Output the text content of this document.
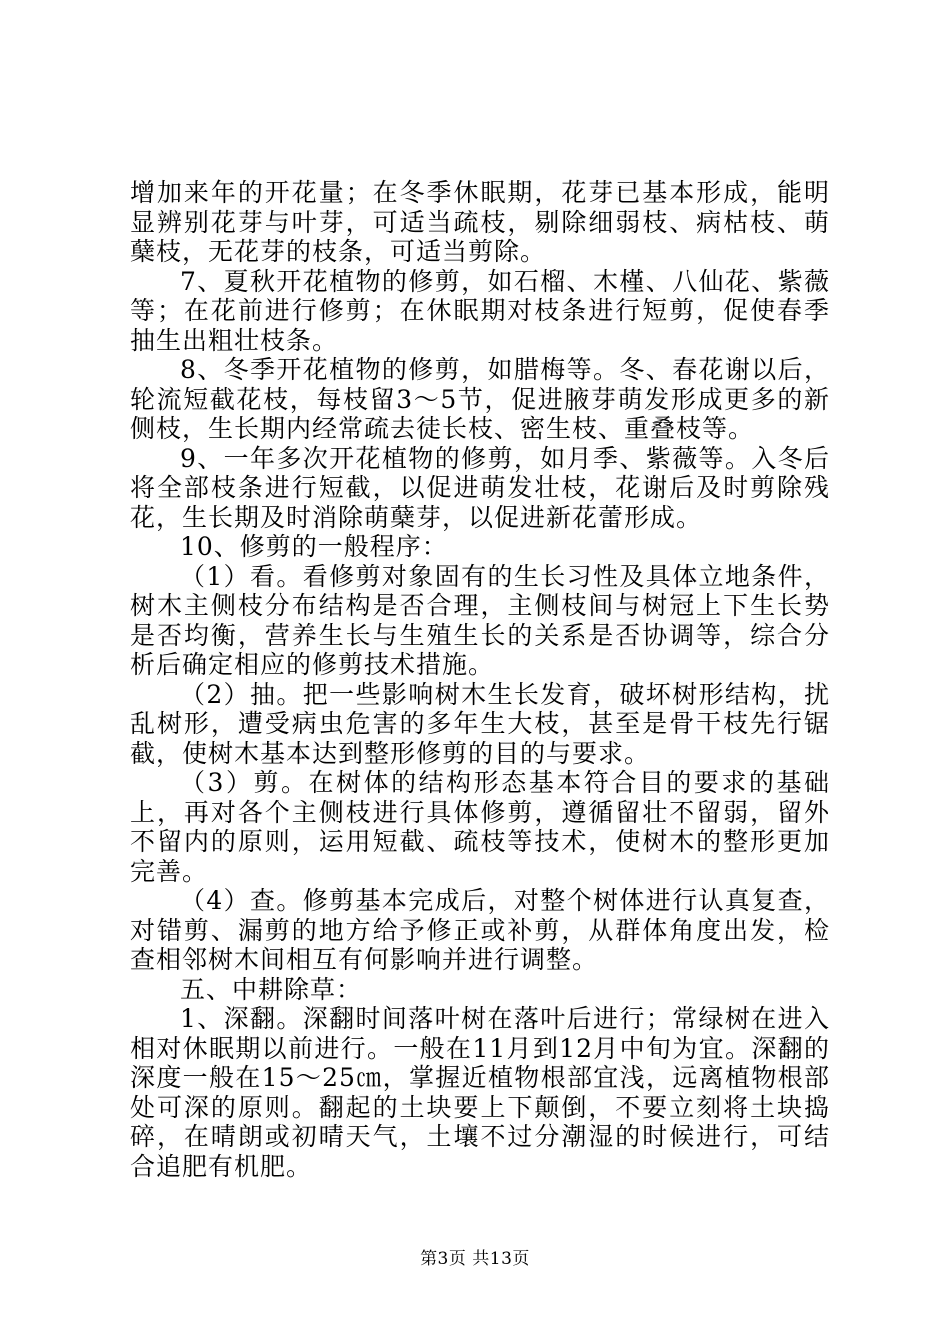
增加来年的开花量；在冬季休眠期，花芽已基本形成，能明显辨别花芽与叶芽，可适当疏枝，剔除细弱枝、病枯枝、萌蘖枝，无花芽的枝条，可适当剪除。

7、夏秋开花植物的修剪，如石榴、木槿、八仙花、紫薇等；在花前进行修剪；在休眠期对枝条进行短剪，促使春季抽生出粗壮枝条。

8、冬季开花植物的修剪，如腊梅等。冬、春花谢以后，轮流短截花枝，每枝留3～5节，促进腋芽萌发形成更多的新侧枝，生长期内经常疏去徒长枝、密生枝、重叠枝等。

9、一年多次开花植物的修剪，如月季、紫薇等。入冬后将全部枝条进行短截，以促进萌发壮枝，花谢后及时剪除残花，生长期及时消除萌蘖芽，以促进新花蕾形成。

10、修剪的一般程序：

（1）看。看修剪对象固有的生长习性及具体立地条件，树木主侧枝分布结构是否合理，主侧枝间与树冠上下生长势是否均衡，营养生长与生殖生长的关系是否协调等，综合分析后确定相应的修剪技术措施。

（2）抽。把一些影响树木生长发育，破坏树形结构，扰乱树形，遭受病虫危害的多年生大枝，甚至是骨干枝先行锯截，使树木基本达到整形修剪的目的与要求。

（3）剪。在树体的结构形态基本符合目的要求的基础上，再对各个主侧枝进行具体修剪，遵循留壮不留弱，留外不留内的原则，运用短截、疏枝等技术，使树木的整形更加完善。

（4）查。修剪基本完成后，对整个树体进行认真复查，对错剪、漏剪的地方给予修正或补剪，从群体角度出发，检查相邻树木间相互有何影响并进行调整。

五、中耕除草：

1、深翻。深翻时间落叶树在落叶后进行；常绿树在进入相对休眠期以前进行。一般在11月到12月中旬为宜。深翻的深度一般在15～25㎝，掌握近植物根部宜浅，远离植物根部处可深的原则。翻起的土块要上下颠倒，不要立刻将土块捣碎，在晴朗或初晴天气，土壤不过分潮湿的时候进行，可结合追肥有机肥。

第3页 共13页
